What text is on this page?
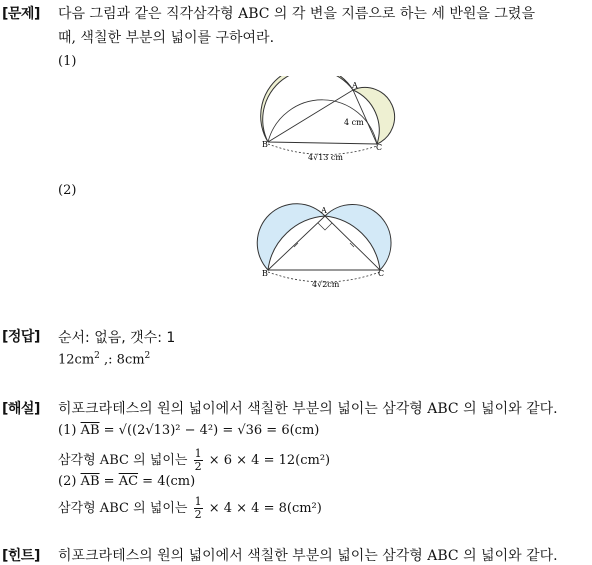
[문제] 다음 그림과 같은 직각삼각형 ABC 의 각 변을 지름으로 하는 세 반원을 그렸을
때, 색칠한 부분의 넓이를 구하여라.
(1)
A
B	C
4 cm
4√13 cm
(2)
A
B	C
4√2cm
[정답] 순서: 없음, 갯수: 1
$12cm^2$ ,: $8cm^2$
[해설] 히포크라테스의 원의 넓이에서 색칠한 부분의 넓이는 삼각형 ABC 의 넓이와 같다.
(1) $\overline{AB} = √((2√13)^2 - 4^2) = √36 = 6(cm)$
삼각형 ABC 의 넓이는 $\frac{1}{2} \times 6 \times 4 = 12(cm^2)$
(2) $\overline{AB} = \overline{AC} = 4(cm)$
삼각형 ABC 의 넓이는 $\frac{1}{2} \times 4 \times 4 = 8(cm^2)$
[힌트] 히포크라테스의 원의 넓이에서 색칠한 부분의 넓이는 삼각형 ABC 의 넓이와 같다.
